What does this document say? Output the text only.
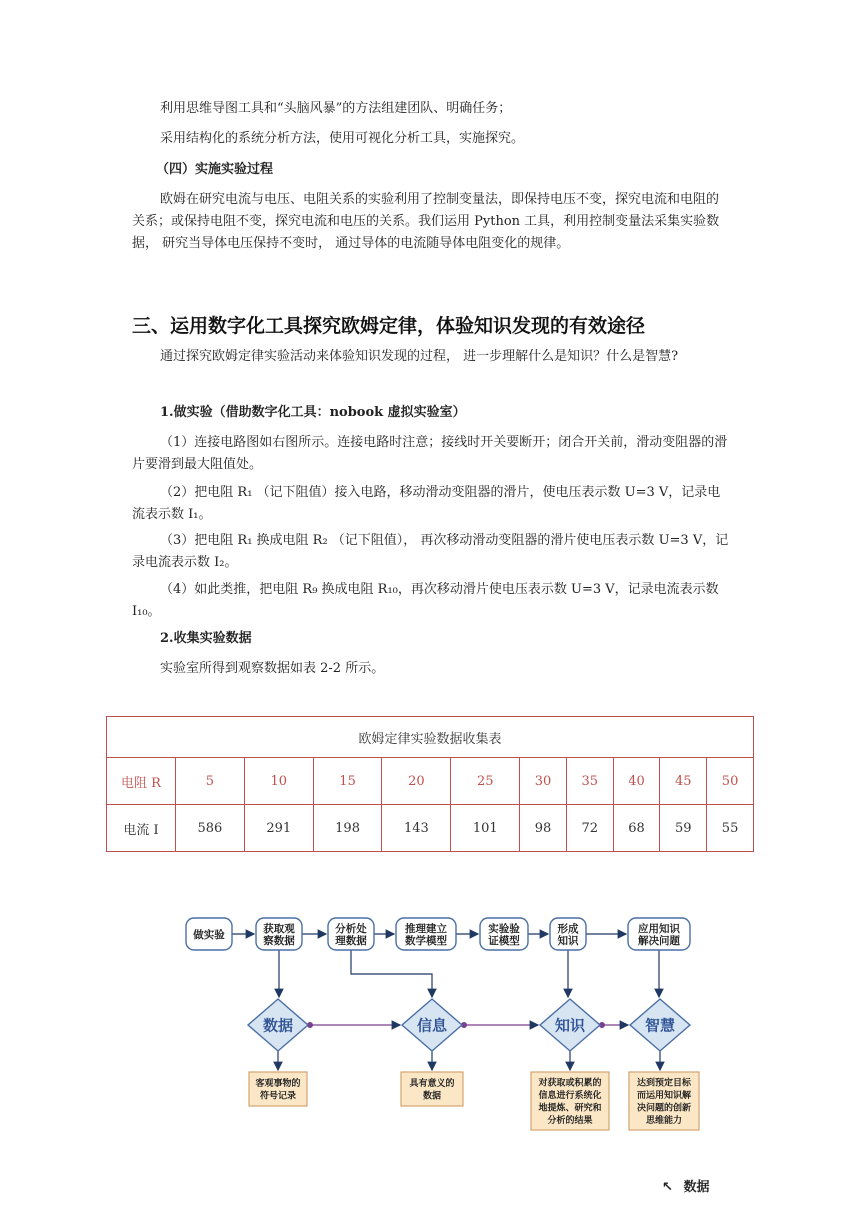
利用思维导图工具和“头脑风暴”的方法组建团队、明确任务；

采用结构化的系统分析方法，使用可视化分析工具，实施探究。

（四）实施实验过程

欧姆在研究电流与电压、电阻关系的实验利用了控制变量法，即保持电压不变，探究电流和电阻的关系；或保持电阻不变，探究电流和电压的关系。我们运用 Python 工具，利用控制变量法采集实验数据， 研究当导体电压保持不变时， 通过导体的电流随导体电阻变化的规律。

三、运用数字化工具探究欧姆定律，体验知识发现的有效途径

通过探究欧姆定律实验活动来体验知识发现的过程， 进一步理解什么是知识？什么是智慧?

1.做实验（借助数字化工具：nobook 虚拟实验室）

（1）连接电路图如右图所示。连接电路时注意；接线时开关要断开；闭合开关前，滑动变阻器的滑片要滑到最大阻值处。

（2）把电阻 R₁ （记下阻值）接入电路，移动滑动变阻器的滑片，使电压表示数 U=3 V，记录电流表示数 I₁。

（3）把电阻 R₁ 换成电阻 R₂ （记下阻值）， 再次移动滑动变阻器的滑片使电压表示数 U=3 V，记录电流表示数 I₂。

（4）如此类推，把电阻 R₉ 换成电阻 R₁₀，再次移动滑片使电压表示数 U=3 V，记录电流表示数 I₁₀。

2.收集实验数据

实验室所得到观察数据如表 2-2 所示。

欧姆定律实验数据收集表										
电阻 R	5	10	15	20	25	30	35	40	45	50
电流 I	586	291	198	143	101	98	72	68	59	55
做实验	获取观察数据
分析处理数据
推理建立数学模型
实验验证模型
形成知识
应用知识解决问题
数据	信息	知识	智慧
客观事物的符号记录
具有意义的数据
对获取或积累的信息进行系统化地提炼、研究和分析的结果
达到预定目标而运用知识解决问题的创新思维能力
↖ 数据
